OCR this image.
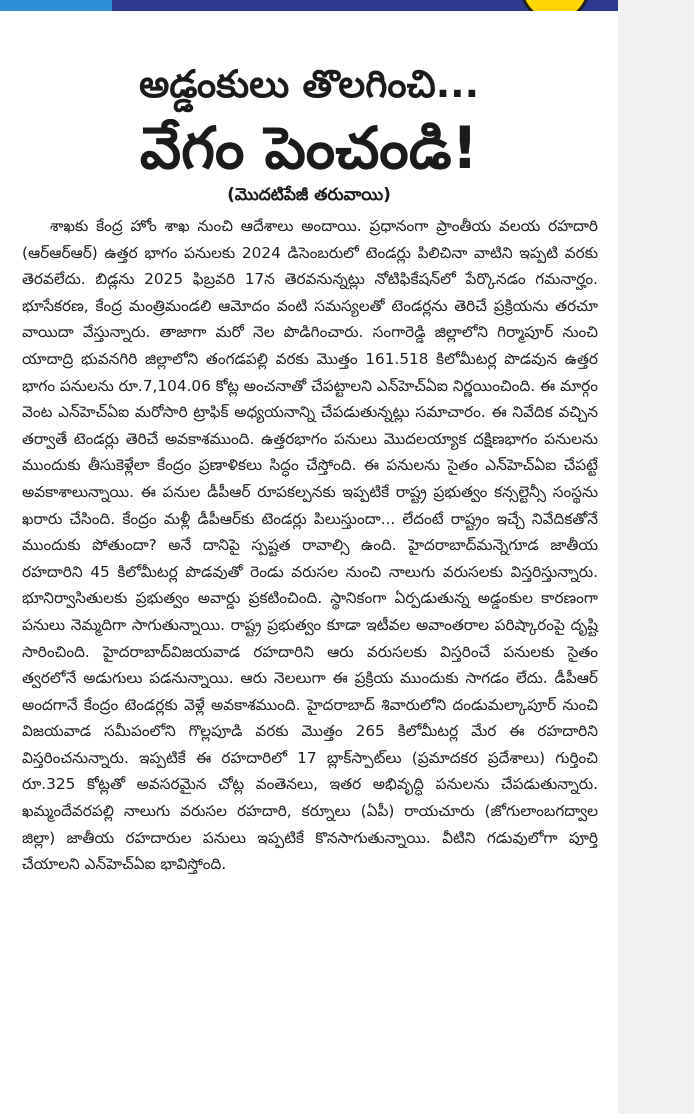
అడ్డంకులు తొలగించి...
వేగం పెంచండి!

(మొదటిపేజీ తరువాయి)

శాఖకు కేంద్ర హోం శాఖ నుంచి ఆదేశాలు అందాయి. ప్రధానంగా ప్రాంతీయ వలయ రహదారి (ఆర్‌ఆర్‌ఆర్) ఉత్తర భాగం పనులకు 2024 డిసెంబరులో టెండర్లు పిలిచినా వాటిని ఇప్పటి వరకు తెరవలేదు. బిడ్లను 2025 ఫిబ్రవరి 17న తెరవనున్నట్లు నోటిఫికేషన్‌లో పేర్కొనడం గమనార్హం. భూసేకరణ, కేంద్ర మంత్రిమండలి ఆమోదం వంటి సమస్యలతో టెండర్లను తెరిచే ప్రక్రియను తరచూ వాయిదా వేస్తున్నారు. తాజాగా మరో నెల పొడిగించారు. సంగారెడ్డి జిల్లాలోని గిర్మాపూర్ నుంచి యాదాద్రి భువనగిరి జిల్లాలోని తంగడపల్లి వరకు మొత్తం 161.518 కిలోమీటర్ల పొడవున ఉత్తర భాగం పనులను రూ.7,104.06 కోట్ల అంచనాతో చేపట్టాలని ఎన్‌హెచ్‌ఏఐ నిర్ణయించింది. ఈ మార్గం వెంట ఎన్‌హెచ్‌ఏఐ మరోసారి ట్రాఫిక్ అధ్యయనాన్ని చేపడుతున్నట్లు సమాచారం. ఈ నివేదిక వచ్చిన తర్వాతే టెండర్లు తెరిచే అవకాశముంది. ఉత్తరభాగం పనులు మొదలయ్యాక దక్షిణభాగం పనులను ముందుకు తీసుకెళ్లేలా కేంద్రం ప్రణాళికలు సిద్ధం చేస్తోంది. ఈ పనులను సైతం ఎన్‌హెచ్‌ఏఐ చేపట్టే అవకాశాలున్నాయి. ఈ పనుల డీపీఆర్ రూపకల్పనకు ఇప్పటికే రాష్ట్ర ప్రభుత్వం కన్సల్టెన్సీ సంస్థను ఖరారు చేసింది. కేంద్రం మళ్లీ డీపీఆర్‌కు టెండర్లు పిలుస్తుందా... లేదంటే రాష్ట్రం ఇచ్చే నివేదికతోనే ముందుకు పోతుందా? అనే దానిపై స్పష్టత రావాల్సి ఉంది. హైదరాబాద్‌మన్నెగూడ జాతీయ రహదారిని 45 కిలోమీటర్ల పొడవుతో రెండు వరుసల నుంచి నాలుగు వరుసలకు విస్తరిస్తున్నారు. భూనిర్వాసితులకు ప్రభుత్వం అవార్డు ప్రకటించింది. స్థానికంగా ఏర్పడుతున్న అడ్డంకుల కారణంగా పనులు నెమ్మదిగా సాగుతున్నాయి. రాష్ట్ర ప్రభుత్వం కూడా ఇటీవల అవాంతరాల పరిష్కారంపై దృష్టి సారించింది. హైదరాబాద్‌విజయవాడ రహదారిని ఆరు వరుసలకు విస్తరించే పనులకు సైతం త్వరలోనే అడుగులు పడనున్నాయి. ఆరు నెలలుగా ఈ ప్రక్రియ ముందుకు సాగడం లేదు. డీపీఆర్ అందగానే కేంద్రం టెండర్లకు వెళ్లే అవకాశముంది. హైదరాబాద్ శివారులోని దండుమల్కాపూర్ నుంచి విజయవాడ సమీపంలోని గొల్లపూడి వరకు మొత్తం 265 కిలోమీటర్ల మేర ఈ రహదారిని విస్తరించనున్నారు. ఇప్పటికే ఈ రహదారిలో 17 బ్లాక్‌స్పాట్‌లు (ప్రమాదకర ప్రదేశాలు) గుర్తించి రూ.325 కోట్లతో అవసరమైన చోట్ల వంతెనలు, ఇతర అభివృద్ధి పనులను చేపడుతున్నారు. ఖమ్మందేవరపల్లి నాలుగు వరుసల రహదారి, కర్నూలు (ఏపీ) రాయచూరు (జోగులాంబగద్వాల జిల్లా) జాతీయ రహదారుల పనులు ఇప్పటికే కొనసాగుతున్నాయి. వీటిని గడువులోగా పూర్తి చేయాలని ఎన్‌హెచ్‌ఏఐ భావిస్తోంది.
